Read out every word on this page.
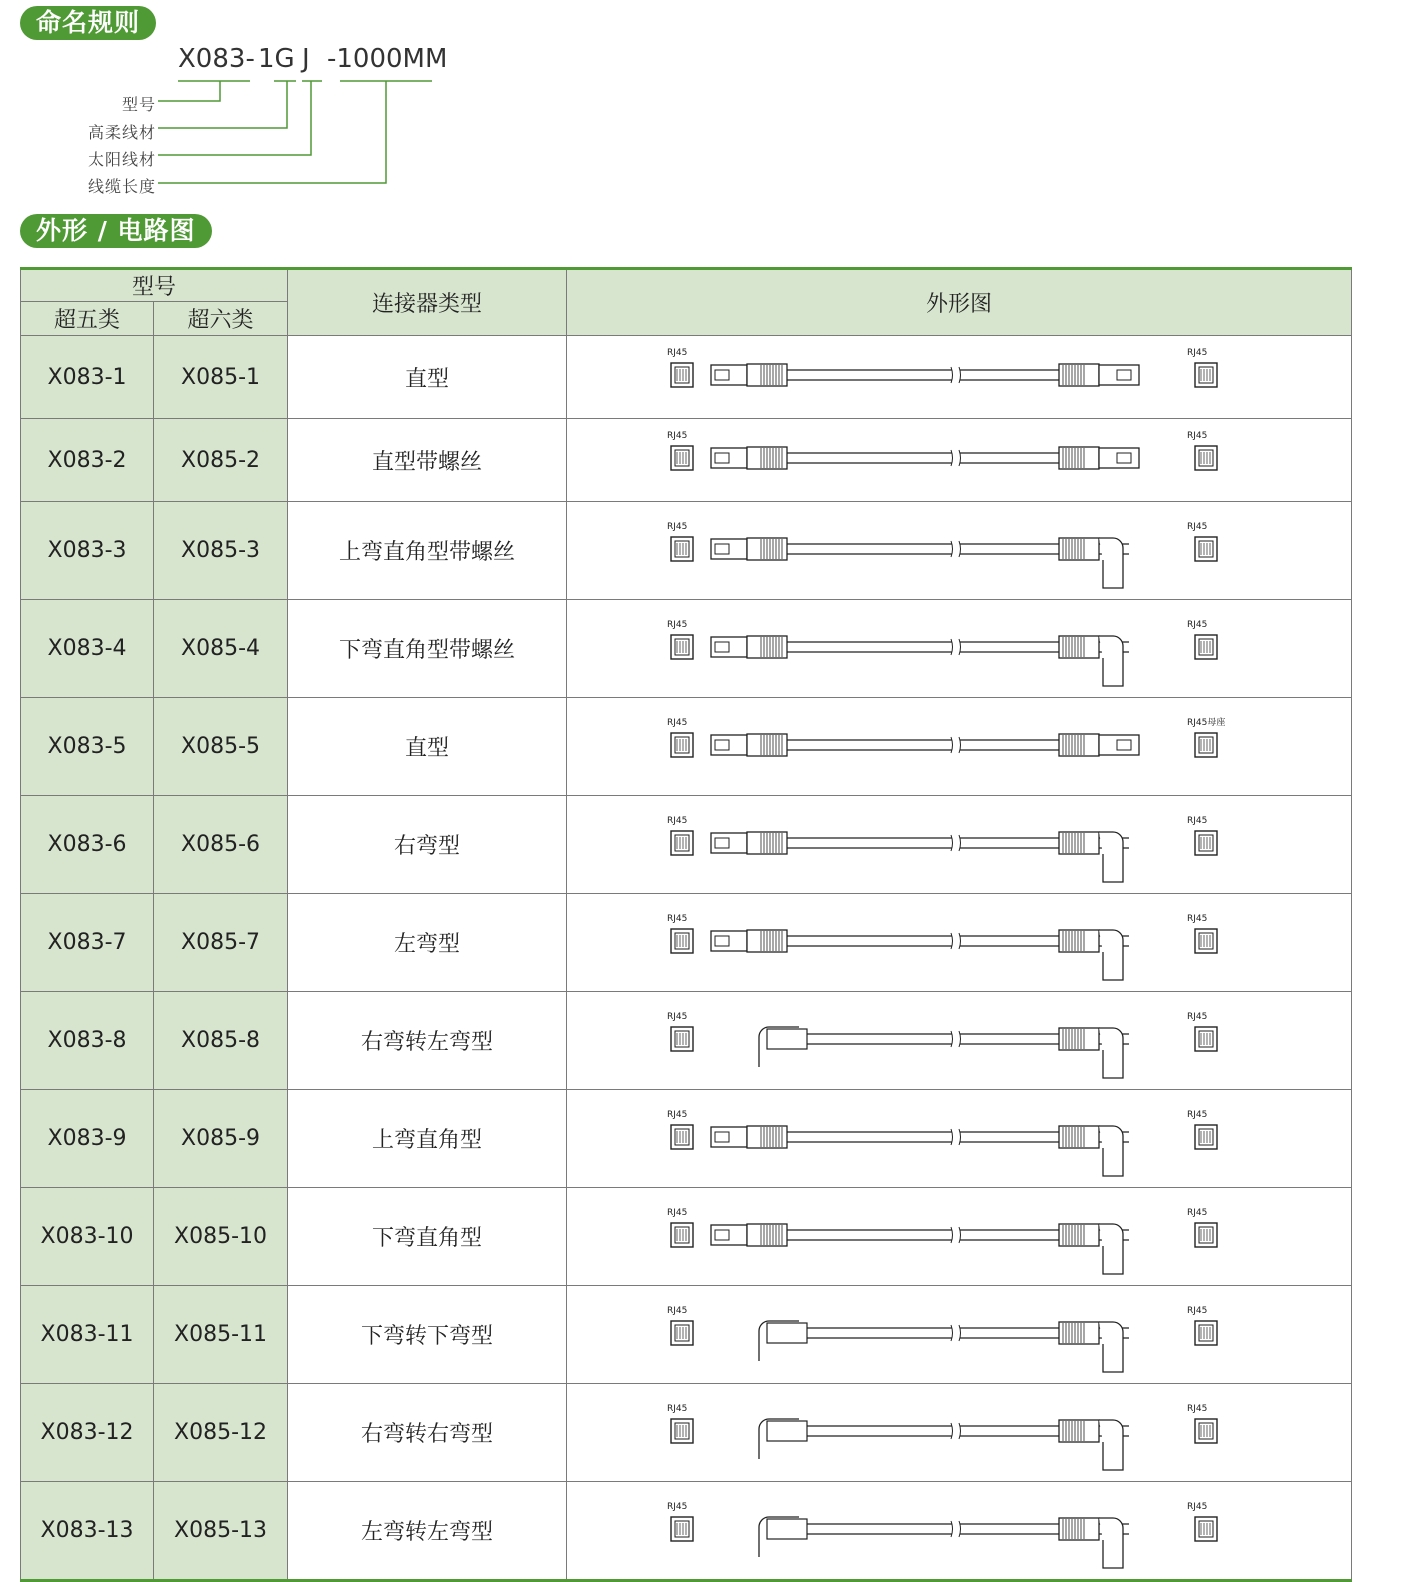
命名规则
X083- 1G J -1000MM
型号
高柔线材
太阳线材
线缆长度
外形 / 电路图
型号		连接器类型	外形图
超五类	超六类		
X083-1	X085-1	直型	RJ45 RJ45

X083-2	X085-2	直型带螺丝	RJ45 RJ45

X083-3	X085-3	上弯直角型带螺丝	RJ45 RJ45

X083-4	X085-4	下弯直角型带螺丝	RJ45 RJ45

X083-5	X085-5	直型	RJ45 RJ45母座

X083-6	X085-6	右弯型	RJ45 RJ45

X083-7	X085-7	左弯型	RJ45 RJ45

X083-8	X085-8	右弯转左弯型	RJ45 RJ45

X083-9	X085-9	上弯直角型	RJ45 RJ45

X083-10	X085-10	下弯直角型	RJ45 RJ45

X083-11	X085-11	下弯转下弯型	RJ45 RJ45

X083-12	X085-12	右弯转右弯型	RJ45 RJ45

X083-13	X085-13	左弯转左弯型	RJ45 RJ45
